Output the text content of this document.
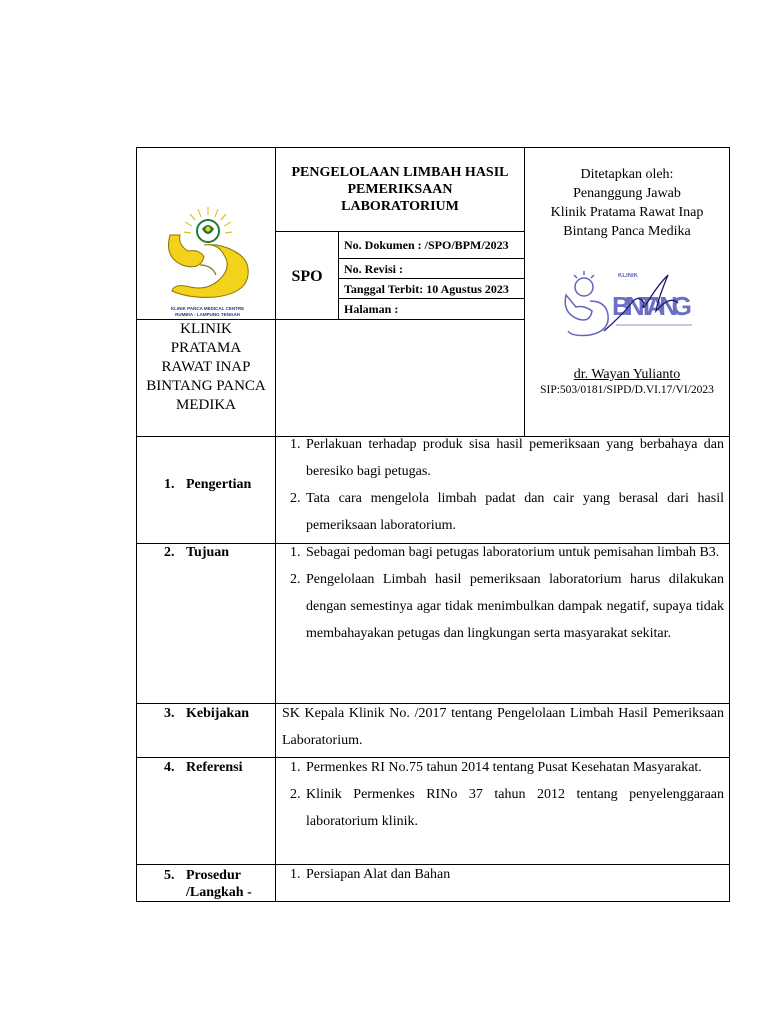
KLINIK PANCA MEDICAL CENTRE
RUMBIA - LAMPUNG TENGAH
PENGELOLAAN LIMBAH HASIL
PEMERIKSAAN
LABORATORIUM
SPO
No. Dokumen : /SPO/BPM/2023
No. Revisi :
Tanggal Terbit: 10 Agustus 2023
Halaman :
KLINIK
PRATAMA
RAWAT INAP
BINTANG PANCA
MEDIKA
Ditetapkan oleh:
Penanggung Jawab
Klinik Pratama Rawat Inap
Bintang Panca Medika
KLINIK
BINTANG
dr. Wayan Yulianto
SIP:503/0181/SIPD/D.VI.17/VI/2023
1. Pengertian
1. Perlakuan terhadap produk sisa hasil pemeriksaan yang berbahaya dan beresiko bagi petugas.
2. Tata cara mengelola limbah padat dan cair yang berasal dari hasil pemeriksaan laboratorium.
2. Tujuan	1. Sebagai pedoman bagi petugas laboratorium untuk pemisahan limbah B3.
2. Pengelolaan Limbah hasil pemeriksaan laboratorium harus dilakukan dengan semestinya agar tidak menimbulkan dampak negatif, supaya tidak membahayakan petugas dan lingkungan serta masyarakat sekitar.
3. Kebijakan SK Kepala Klinik No. /2017 tentang Pengelolaan Limbah Hasil Pemeriksaan Laboratorium.
4. Referensi	1. Permenkes RI No.75 tahun 2014 tentang Pusat Kesehatan Masyarakat.
2. Klinik Permenkes RINo 37 tahun 2012 tentang penyelenggaraan laboratorium klinik.
5. Prosedur
/Langkah -
1. Persiapan Alat dan Bahan
